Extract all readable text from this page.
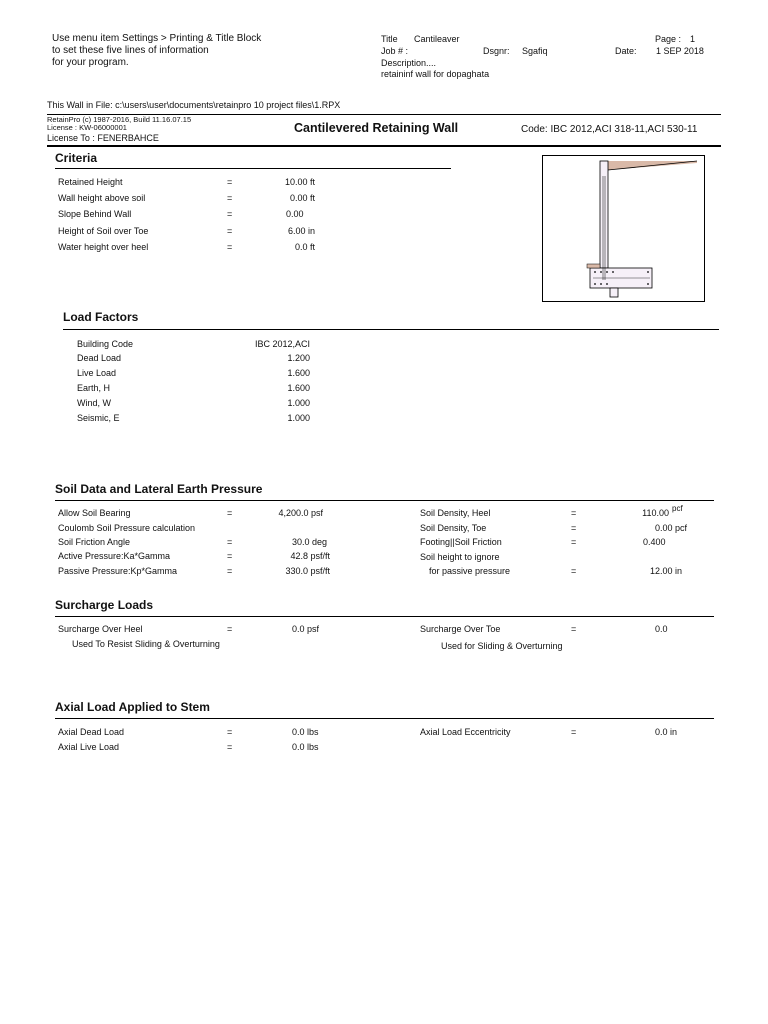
Use menu item Settings > Printing & Title Block
to set these five lines of information
for your program.
Title Cantileaver
Job # :	Dsgnr: Sgafiq
Description....
retaininf wall for dopaghata
Page : 1
Date: 1 SEP 2018
This Wall in File: c:\users\user\documents\retainpro 10 project files\1.RPX
RetainPro (c) 1987-2016, Build 11.16.07.15
License : KW-06000001
License To : FENERBAHCE
Cantilevered Retaining Wall	Code: IBC 2012,ACI 318-11,ACI 530-11
Criteria
Retained Height	=	10.00 ft
Wall height above soil	=	0.00 ft
Slope Behind Wall	=	0.00
Height of Soil over Toe	=	6.00 in
Water height over heel	=	0.0 ft
Load Factors
Building Code	IBC 2012,ACI
Dead Load	1.200
Live Load	1.600
Earth, H	1.600
Wind, W	1.000
Seismic, E	1.000
Soil Data and Lateral Earth Pressure
Allow Soil Bearing	=	4,200.0 psf
Coulomb Soil Pressure calculation
Soil Friction Angle	=	30.0 deg
Active Pressure:Ka*Gamma	=	42.8 psf/ft
Passive Pressure:Kp*Gamma	=	330.0 psf/ft
Soil Density, Heel	=	110.00 pcf
Soil Density, Toe	=	0.00 pcf
Footing||Soil Friction	=	0.400
Soil height to ignore
for passive pressure	=	12.00 in
Surcharge Loads
Surcharge Over Heel	=	0.0 psf
Used To Resist Sliding & Overturning
Surcharge Over Toe	=	0.0
Used for Sliding & Overturning
Axial Load Applied to Stem
Axial Dead Load	=	0.0 lbs
Axial Live Load	=	0.0 lbs
Axial Load Eccentricity	=	0.0 in
